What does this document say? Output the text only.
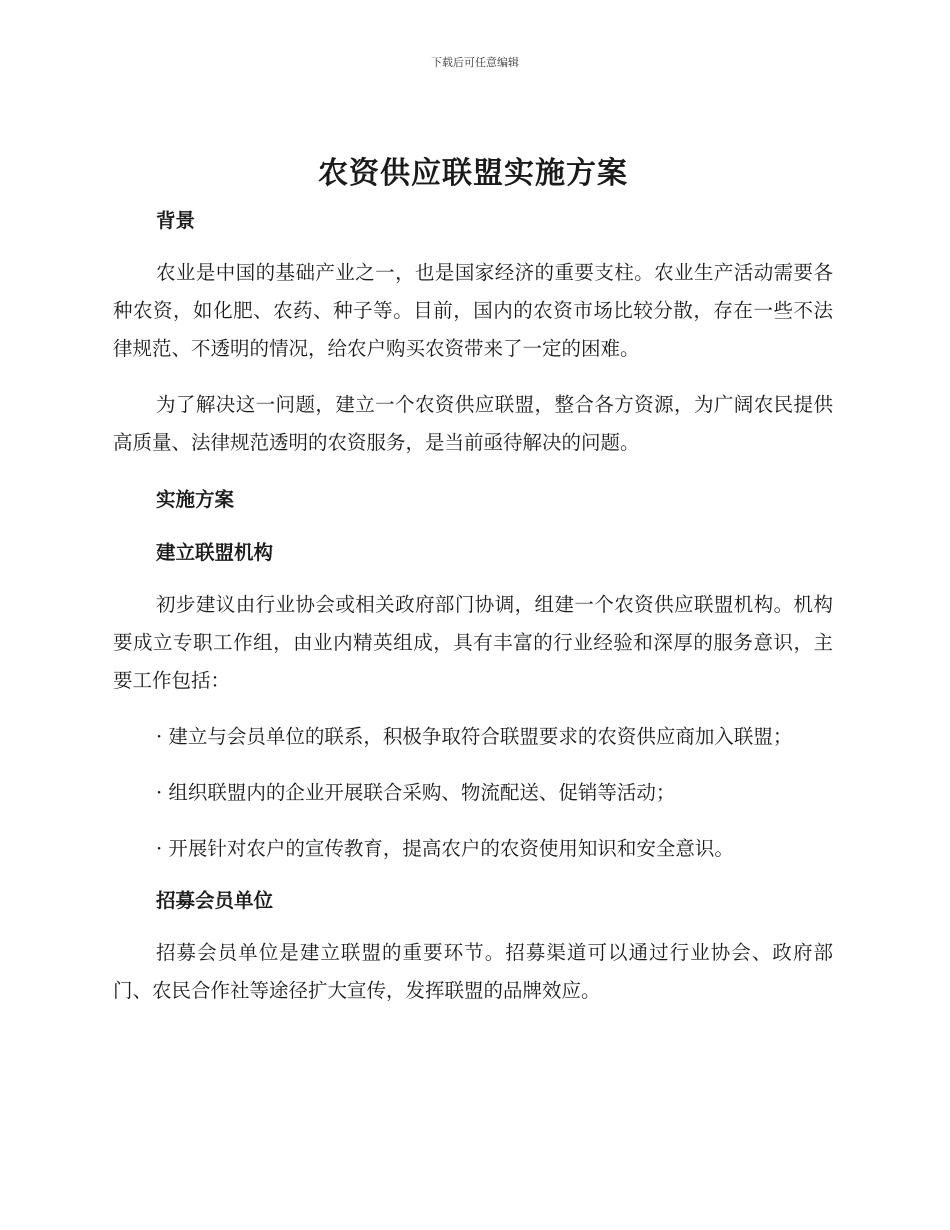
下载后可任意编辑
农资供应联盟实施方案
背景

农业是中国的基础产业之一，也是国家经济的重要支柱。农业生产活动需要各种农资，如化肥、农药、种子等。目前，国内的农资市场比较分散，存在一些不法律规范、不透明的情况，给农户购买农资带来了一定的困难。

为了解决这一问题，建立一个农资供应联盟，整合各方资源，为广阔农民提供高质量、法律规范透明的农资服务，是当前亟待解决的问题。

实施方案
建立联盟机构

初步建议由行业协会或相关政府部门协调，组建一个农资供应联盟机构。机构要成立专职工作组，由业内精英组成，具有丰富的行业经验和深厚的服务意识，主要工作包括：

· 建立与会员单位的联系，积极争取符合联盟要求的农资供应商加入联盟；

· 组织联盟内的企业开展联合采购、物流配送、促销等活动；

· 开展针对农户的宣传教育，提高农户的农资使用知识和安全意识。

招募会员单位

招募会员单位是建立联盟的重要环节。招募渠道可以通过行业协会、政府部门、农民合作社等途径扩大宣传，发挥联盟的品牌效应。
